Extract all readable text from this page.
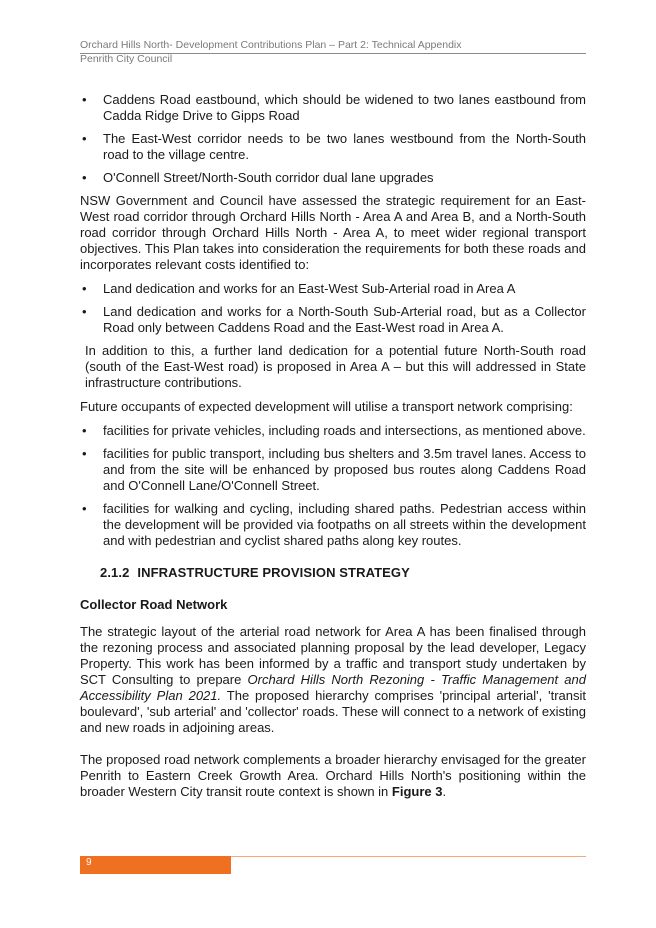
Orchard Hills North- Development Contributions Plan – Part 2: Technical Appendix
Penrith City Council
• Caddens Road eastbound, which should be widened to two lanes eastbound from Cadda Ridge Drive to Gipps Road
• The East-West corridor needs to be two lanes westbound from the North-South road to the village centre.
• O'Connell Street/North-South corridor dual lane upgrades

NSW Government and Council have assessed the strategic requirement for an East-West road corridor through Orchard Hills North - Area A and Area B, and a North-South road corridor through Orchard Hills North - Area A, to meet wider regional transport objectives. This Plan takes into consideration the requirements for both these roads and incorporates relevant costs identified to:

• Land dedication and works for an East-West Sub-Arterial road in Area A
• Land dedication and works for a North-South Sub-Arterial road, but as a Collector Road only between Caddens Road and the East-West road in Area A.

In addition to this, a further land dedication for a potential future North-South road (south of the East-West road) is proposed in Area A – but this will addressed in State infrastructure contributions.

Future occupants of expected development will utilise a transport network comprising:

• facilities for private vehicles, including roads and intersections, as mentioned above.
• facilities for public transport, including bus shelters and 3.5m travel lanes. Access to and from the site will be enhanced by proposed bus routes along Caddens Road and O'Connell Lane/O'Connell Street.
• facilities for walking and cycling, including shared paths. Pedestrian access within the development will be provided via footpaths on all streets within the development and with pedestrian and cyclist shared paths along key routes.
2.1.2 INFRASTRUCTURE PROVISION STRATEGY
Collector Road Network

The strategic layout of the arterial road network for Area A has been finalised through the rezoning process and associated planning proposal by the lead developer, Legacy Property. This work has been informed by a traffic and transport study undertaken by SCT Consulting to prepare Orchard Hills North Rezoning - Traffic Management and Accessibility Plan 2021. The proposed hierarchy comprises 'principal arterial', 'transit boulevard', 'sub arterial' and 'collector' roads. These will connect to a network of existing and new roads in adjoining areas.

The proposed road network complements a broader hierarchy envisaged for the greater Penrith to Eastern Creek Growth Area. Orchard Hills North's positioning within the broader Western City transit route context is shown in Figure 3.

9
